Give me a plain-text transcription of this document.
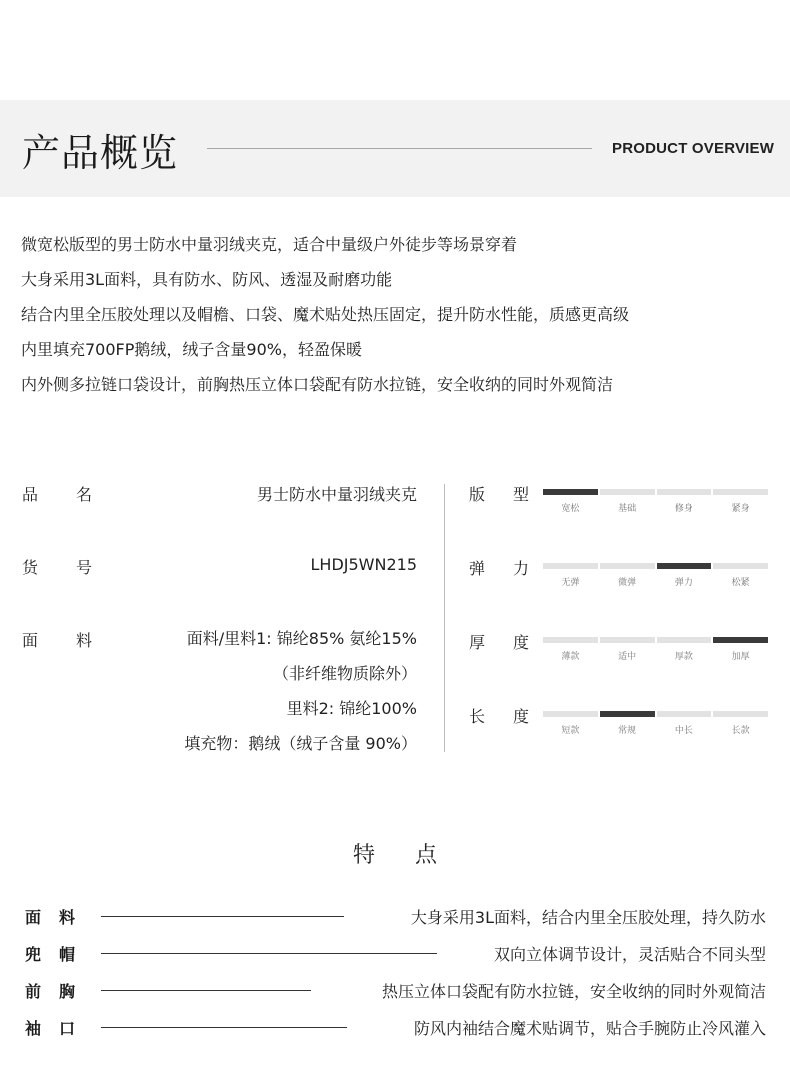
产品概览	PRODUCT OVERVIEW
微宽松版型的男士防水中量羽绒夹克，适合中量级户外徒步等场景穿着
大身采用3L面料，具有防水、防风、透湿及耐磨功能
结合内里全压胶处理以及帽檐、口袋、魔术贴处热压固定，提升防水性能，质感更高级
内里填充700FP鹅绒，绒子含量90%，轻盈保暖
内外侧多拉链口袋设计，前胸热压立体口袋配有防水拉链，安全收纳的同时外观简洁
品 名	男士防水中量羽绒夹克
货 号	LHDJ5WN215
面 料	面料/里料1: 锦纶85% 氨纶15%
（非纤维物质除外）
里料2: 锦纶100%
填充物：鹅绒（绒子含量 90%）
版 型
宽松	基础	修身	紧身
弹 力
无弹	微弹	弹力	松紧
厚 度
薄款	适中	厚款	加厚
长 度
短款	常规	中长	长款
特点
面 料	大身采用3L面料，结合内里全压胶处理，持久防水
兜 帽	双向立体调节设计，灵活贴合不同头型
前 胸	热压立体口袋配有防水拉链，安全收纳的同时外观简洁
袖 口	防风内袖结合魔术贴调节，贴合手腕防止冷风灌入
